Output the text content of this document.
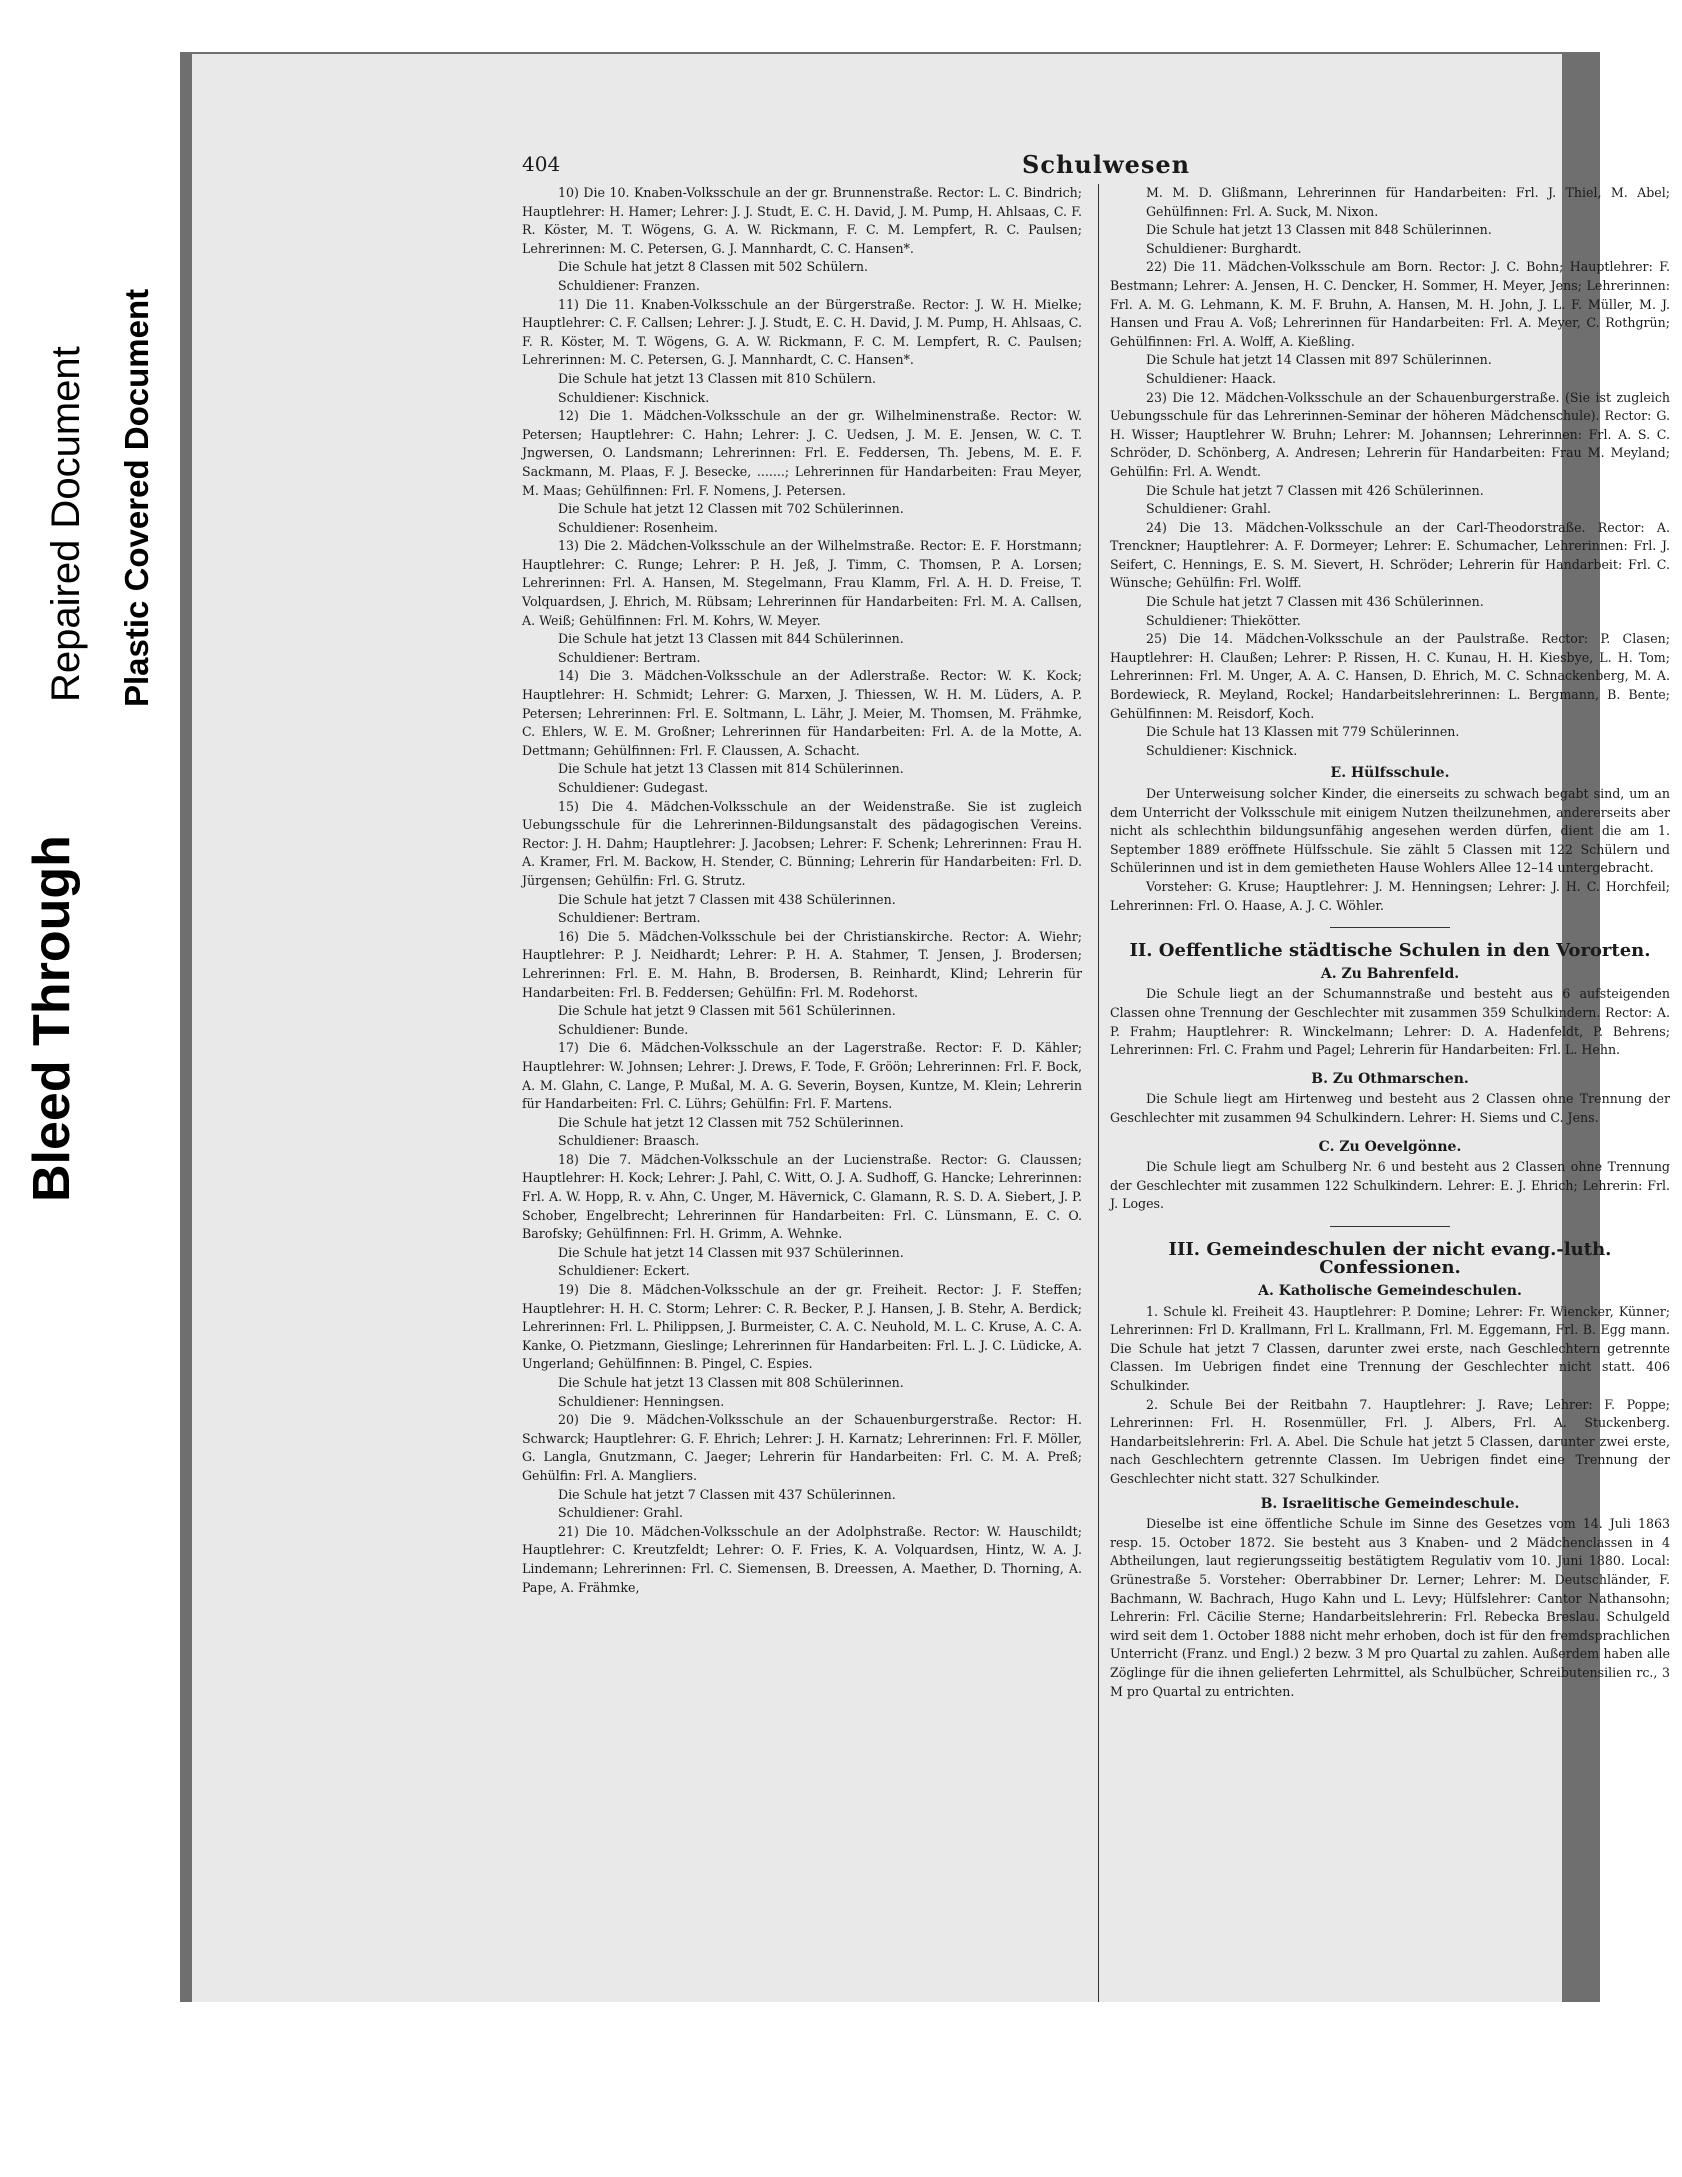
Repaired Document Plastic Covered Document
Bleed Through
404	Schulwesen

10) Die 10. Knaben-Volksschule an der gr. Brunnenstraße. Rector: L. C. Bindrich; Hauptlehrer: H. Hamer; Lehrer: J. J. Studt, E. C. H. David, J. M. Pump, H. Ahlsaas, C. F. R. Köster, M. T. Wögens, G. A. W. Rickmann, F. C. M. Lempfert, R. C. Paulsen; Lehrerinnen: M. C. Petersen, G. J. Mannhardt, C. C. Hansen*.

Die Schule hat jetzt 8 Classen mit 502 Schülern.

Schuldiener: Franzen.

11) Die 11. Knaben-Volksschule an der Bürgerstraße. Rector: J. W. H. Mielke; Hauptlehrer: C. F. Callsen; Lehrer: J. J. Studt, E. C. H. David, J. M. Pump, H. Ahlsaas, C. F. R. Köster, M. T. Wögens, G. A. W. Rickmann, F. C. M. Lempfert, R. C. Paulsen; Lehrerinnen: M. C. Petersen, G. J. Mannhardt, C. C. Hansen*.

Die Schule hat jetzt 13 Classen mit 810 Schülern.

Schuldiener: Kischnick.

12) Die 1. Mädchen-Volksschule an der gr. Wilhelminenstraße. Rector: W. Petersen; Hauptlehrer: C. Hahn; Lehrer: J. C. Uedsen, J. M. E. Jensen, W. C. T. Jngwersen, O. Landsmann; Lehrerinnen: Frl. E. Feddersen, Th. Jebens, M. E. F. Sackmann, M. Plaas, F. J. Besecke, .......; Lehrerinnen für Handarbeiten: Frau Meyer, M. Maas; Gehülfinnen: Frl. F. Nomens, J. Petersen.

Die Schule hat jetzt 12 Classen mit 702 Schülerinnen.

Schuldiener: Rosenheim.

13) Die 2. Mädchen-Volksschule an der Wilhelmstraße. Rector: E. F. Horstmann; Hauptlehrer: C. Runge; Lehrer: P. H. Jeß, J. Timm, C. Thomsen, P. A. Lorsen; Lehrerinnen: Frl. A. Hansen, M. Stegelmann, Frau Klamm, Frl. A. H. D. Freise, T. Volquardsen, J. Ehrich, M. Rübsam; Lehrerinnen für Handarbeiten: Frl. M. A. Callsen, A. Weiß; Gehülfinnen: Frl. M. Kohrs, W. Meyer.

Die Schule hat jetzt 13 Classen mit 844 Schülerinnen.

Schuldiener: Bertram.

14) Die 3. Mädchen-Volksschule an der Adlerstraße. Rector: W. K. Kock; Hauptlehrer: H. Schmidt; Lehrer: G. Marxen, J. Thiessen, W. H. M. Lüders, A. P. Petersen; Lehrerinnen: Frl. E. Soltmann, L. Lähr, J. Meier, M. Thomsen, M. Frähmke, C. Ehlers, W. E. M. Großner; Lehrerinnen für Handarbeiten: Frl. A. de la Motte, A. Dettmann; Gehülfinnen: Frl. F. Claussen, A. Schacht.

Die Schule hat jetzt 13 Classen mit 814 Schülerinnen.

Schuldiener: Gudegast.

15) Die 4. Mädchen-Volksschule an der Weidenstraße. Sie ist zugleich Uebungsschule für die Lehrerinnen-Bildungsanstalt des pädagogischen Vereins. Rector: J. H. Dahm; Hauptlehrer: J. Jacobsen; Lehrer: F. Schenk; Lehrerinnen: Frau H. A. Kramer, Frl. M. Backow, H. Stender, C. Bünning; Lehrerin für Handarbeiten: Frl. D. Jürgensen; Gehülfin: Frl. G. Strutz.

Die Schule hat jetzt 7 Classen mit 438 Schülerinnen.

Schuldiener: Bertram.

16) Die 5. Mädchen-Volksschule bei der Christianskirche. Rector: A. Wiehr; Hauptlehrer: P. J. Neidhardt; Lehrer: P. H. A. Stahmer, T. Jensen, J. Brodersen; Lehrerinnen: Frl. E. M. Hahn, B. Brodersen, B. Reinhardt, Klind; Lehrerin für Handarbeiten: Frl. B. Feddersen; Gehülfin: Frl. M. Rodehorst.

Die Schule hat jetzt 9 Classen mit 561 Schülerinnen.

Schuldiener: Bunde.

17) Die 6. Mädchen-Volksschule an der Lagerstraße. Rector: F. D. Kähler; Hauptlehrer: W. Johnsen; Lehrer: J. Drews, F. Tode, F. Gröön; Lehrerinnen: Frl. F. Bock, A. M. Glahn, C. Lange, P. Mußal, M. A. G. Severin, Boysen, Kuntze, M. Klein; Lehrerin für Handarbeiten: Frl. C. Lührs; Gehülfin: Frl. F. Martens.

Die Schule hat jetzt 12 Classen mit 752 Schülerinnen.

Schuldiener: Braasch.

18) Die 7. Mädchen-Volksschule an der Lucienstraße. Rector: G. Claussen; Hauptlehrer: H. Kock; Lehrer: J. Pahl, C. Witt, O. J. A. Sudhoff, G. Hancke; Lehrerinnen: Frl. A. W. Hopp, R. v. Ahn, C. Unger, M. Hävernick, C. Glamann, R. S. D. A. Siebert, J. P. Schober, Engelbrecht; Lehrerinnen für Handarbeiten: Frl. C. Lünsmann, E. C. O. Barofsky; Gehülfinnen: Frl. H. Grimm, A. Wehnke.

Die Schule hat jetzt 14 Classen mit 937 Schülerinnen.

Schuldiener: Eckert.

19) Die 8. Mädchen-Volksschule an der gr. Freiheit. Rector: J. F. Steffen; Hauptlehrer: H. H. C. Storm; Lehrer: C. R. Becker, P. J. Hansen, J. B. Stehr, A. Berdick; Lehrerinnen: Frl. L. Philippsen, J. Burmeister, C. A. C. Neuhold, M. L. C. Kruse, A. C. A. Kanke, O. Pietzmann, Gieslinge; Lehrerinnen für Handarbeiten: Frl. L. J. C. Lüdicke, A. Ungerland; Gehülfinnen: B. Pingel, C. Espies.

Die Schule hat jetzt 13 Classen mit 808 Schülerinnen.

Schuldiener: Henningsen.

20) Die 9. Mädchen-Volksschule an der Schauenburgerstraße. Rector: H. Schwarck; Hauptlehrer: G. F. Ehrich; Lehrer: J. H. Karnatz; Lehrerinnen: Frl. F. Möller, G. Langla, Gnutzmann, C. Jaeger; Lehrerin für Handarbeiten: Frl. C. M. A. Preß; Gehülfin: Frl. A. Mangliers.

Die Schule hat jetzt 7 Classen mit 437 Schülerinnen.

Schuldiener: Grahl.

21) Die 10. Mädchen-Volksschule an der Adolphstraße. Rector: W. Hauschildt; Hauptlehrer: C. Kreutzfeldt; Lehrer: O. F. Fries, K. A. Volquardsen, Hintz, W. A. J. Lindemann; Lehrerinnen: Frl. C. Siemensen, B. Dreessen, A. Maether, D. Thorning, A. Pape, A. Frähmke,

M. M. D. Glißmann, Lehrerinnen für Handarbeiten: Frl. J. Thiel, M. Abel; Gehülfinnen: Frl. A. Suck, M. Nixon.

Die Schule hat jetzt 13 Classen mit 848 Schülerinnen.

Schuldiener: Burghardt.

22) Die 11. Mädchen-Volksschule am Born. Rector: J. C. Bohn; Hauptlehrer: F. Bestmann; Lehrer: A. Jensen, H. C. Dencker, H. Sommer, H. Meyer, Jens; Lehrerinnen: Frl. A. M. G. Lehmann, K. M. F. Bruhn, A. Hansen, M. H. John, J. L. F. Müller, M. J. Hansen und Frau A. Voß; Lehrerinnen für Handarbeiten: Frl. A. Meyer, C. Rothgrün; Gehülfinnen: Frl. A. Wolff, A. Kießling.

Die Schule hat jetzt 14 Classen mit 897 Schülerinnen.

Schuldiener: Haack.

23) Die 12. Mädchen-Volksschule an der Schauenburgerstraße. (Sie ist zugleich Uebungsschule für das Lehrerinnen-Seminar der höheren Mädchenschule). Rector: G. H. Wisser; Hauptlehrer W. Bruhn; Lehrer: M. Johannsen; Lehrerinnen: Frl. A. S. C. Schröder, D. Schönberg, A. Andresen; Lehrerin für Handarbeiten: Frau M. Meyland; Gehülfin: Frl. A. Wendt.

Die Schule hat jetzt 7 Classen mit 426 Schülerinnen.

Schuldiener: Grahl.

24) Die 13. Mädchen-Volksschule an der Carl-Theodorstraße. Rector: A. Trenckner; Hauptlehrer: A. F. Dormeyer; Lehrer: E. Schumacher, Lehrerinnen: Frl. J. Seifert, C. Hennings, E. S. M. Sievert, H. Schröder; Lehrerin für Handarbeit: Frl. C. Wünsche; Gehülfin: Frl. Wolff.

Die Schule hat jetzt 7 Classen mit 436 Schülerinnen.

Schuldiener: Thiekötter.

25) Die 14. Mädchen-Volksschule an der Paulstraße. Rector: P. Clasen; Hauptlehrer: H. Claußen; Lehrer: P. Rissen, H. C. Kunau, H. H. Kiesbye, L. H. Tom; Lehrerinnen: Frl. M. Unger, A. A. C. Hansen, D. Ehrich, M. C. Schnackenberg, M. A. Bordewieck, R. Meyland, Rockel; Handarbeitslehrerinnen: L. Bergmann, B. Bente; Gehülfinnen: M. Reisdorf, Koch.

Die Schule hat 13 Klassen mit 779 Schülerinnen.

Schuldiener: Kischnick.

E. Hülfsschule.

Der Unterweisung solcher Kinder, die einerseits zu schwach begabt sind, um an dem Unterricht der Volksschule mit einigem Nutzen theilzunehmen, andererseits aber nicht als schlechthin bildungsunfähig angesehen werden dürfen, dient die am 1. September 1889 eröffnete Hülfsschule. Sie zählt 5 Classen mit 122 Schülern und Schülerinnen und ist in dem gemietheten Hause Wohlers Allee 12–14 untergebracht.

Vorsteher: G. Kruse; Hauptlehrer: J. M. Henningsen; Lehrer: J. H. C. Horchfeil; Lehrerinnen: Frl. O. Haase, A. J. C. Wöhler.

II. Oeffentliche städtische Schulen in den Vororten.
A. Zu Bahrenfeld.

Die Schule liegt an der Schumannstraße und besteht aus 6 aufsteigenden Classen ohne Trennung der Geschlechter mit zusammen 359 Schulkindern. Rector: A. P. Frahm; Hauptlehrer: R. Winckelmann; Lehrer: D. A. Hadenfeldt, P. Behrens; Lehrerinnen: Frl. C. Frahm und Pagel; Lehrerin für Handarbeiten: Frl. L. Hehn.

B. Zu Othmarschen.

Die Schule liegt am Hirtenweg und besteht aus 2 Classen ohne Trennung der Geschlechter mit zusammen 94 Schulkindern. Lehrer: H. Siems und C. Jens.

C. Zu Oevelgönne.

Die Schule liegt am Schulberg Nr. 6 und besteht aus 2 Classen ohne Trennung der Geschlechter mit zusammen 122 Schulkindern. Lehrer: E. J. Ehrich; Lehrerin: Frl. J. Loges.

III. Gemeindeschulen der nicht evang.-luth. Confessionen.
A. Katholische Gemeindeschulen.

1. Schule kl. Freiheit 43. Hauptlehrer: P. Domine; Lehrer: Fr. Wiencker, Künner; Lehrerinnen: Frl D. Krallmann, Frl L. Krallmann, Frl. M. Eggemann, Frl. B. Egg mann. Die Schule hat jetzt 7 Classen, darunter zwei erste, nach Geschlechtern getrennte Classen. Im Uebrigen findet eine Trennung der Geschlechter nicht statt. 406 Schulkinder.

2. Schule Bei der Reitbahn 7. Hauptlehrer: J. Rave; Lehrer: F. Poppe; Lehrerinnen: Frl. H. Rosenmüller, Frl. J. Albers, Frl. A. Stuckenberg. Handarbeitslehrerin: Frl. A. Abel. Die Schule hat jetzt 5 Classen, darunter zwei erste, nach Geschlechtern getrennte Classen. Im Uebrigen findet eine Trennung der Geschlechter nicht statt. 327 Schulkinder.

B. Israelitische Gemeindeschule.

Dieselbe ist eine öffentliche Schule im Sinne des Gesetzes vom 14. Juli 1863 resp. 15. October 1872. Sie besteht aus 3 Knaben- und 2 Mädchenclassen in 4 Abtheilungen, laut regierungsseitig bestätigtem Regulativ vom 10. Juni 1880. Local: Grünestraße 5. Vorsteher: Oberrabbiner Dr. Lerner; Lehrer: M. Deutschländer, F. Bachmann, W. Bachrach, Hugo Kahn und L. Levy; Hülfslehrer: Cantor Nathansohn; Lehrerin: Frl. Cäcilie Sterne; Handarbeitslehrerin: Frl. Rebecka Breslau. Schulgeld wird seit dem 1. October 1888 nicht mehr erhoben, doch ist für den fremdsprachlichen Unterricht (Franz. und Engl.) 2 bezw. 3 M pro Quartal zu zahlen. Außerdem haben alle Zöglinge für die ihnen gelieferten Lehrmittel, als Schulbücher, Schreibutensilien rc., 3 M pro Quartal zu entrichten.
